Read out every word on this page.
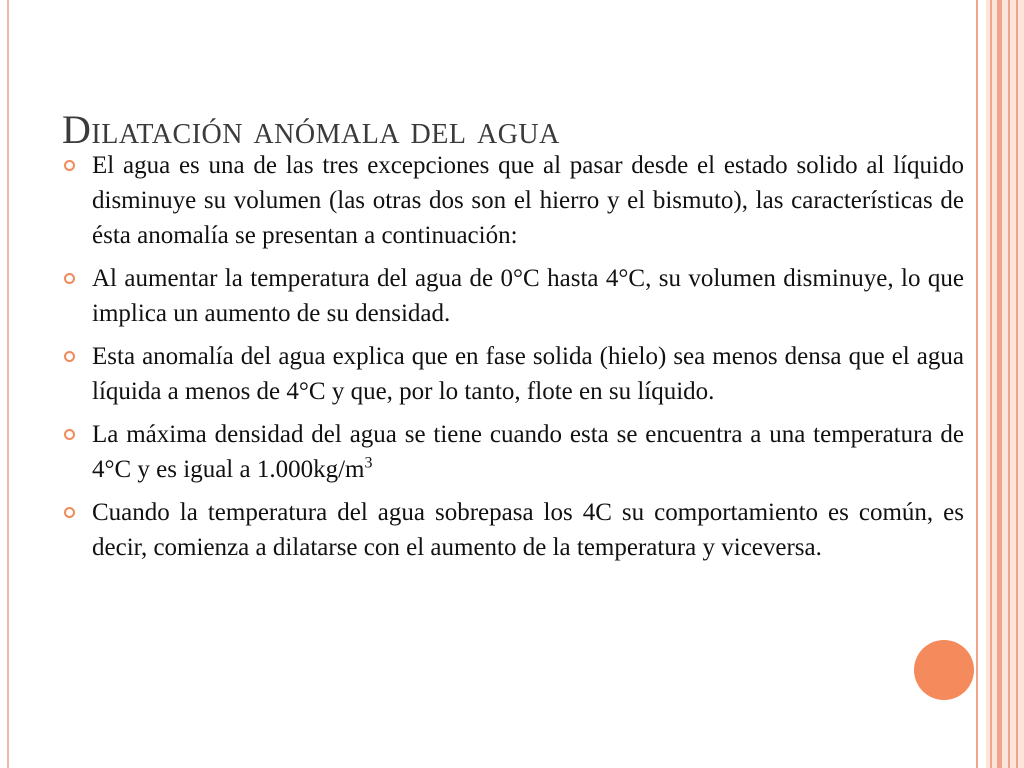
Dilatación anómala del agua
El agua es una de las tres excepciones que al pasar desde el estado solido al líquido disminuye su volumen (las otras dos son el hierro y el bismuto), las características de ésta anomalía se presentan a continuación:
Al aumentar la temperatura del agua de 0°C hasta 4°C, su volumen disminuye, lo que implica un aumento de su densidad.
Esta anomalía del agua explica que en fase solida (hielo) sea menos densa que el agua líquida a menos de 4°C y que, por lo tanto, flote en su líquido.
La máxima densidad del agua se tiene cuando esta se encuentra a una temperatura de 4°C y es igual a $1.000kg/m^3$
Cuando la temperatura del agua sobrepasa los 4C su comportamiento es común, es decir, comienza a dilatarse con el aumento de la temperatura y viceversa.
